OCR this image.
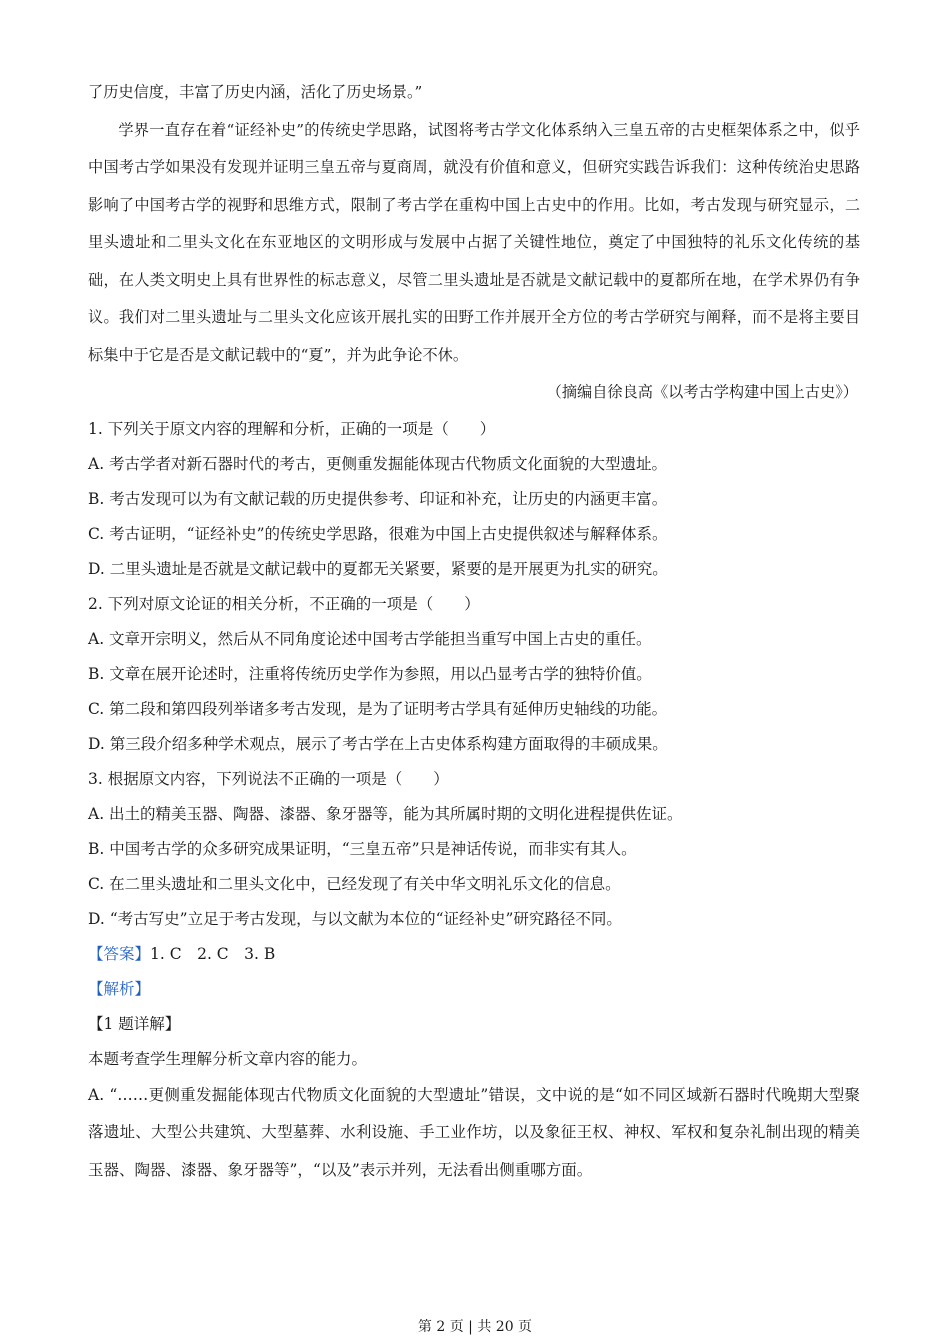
了历史信度，丰富了历史内涵，活化了历史场景。”

学界一直存在着“证经补史”的传统史学思路，试图将考古学文化体系纳入三皇五帝的古史框架体系之中，似乎中国考古学如果没有发现并证明三皇五帝与夏商周，就没有价值和意义，但研究实践告诉我们：这种传统治史思路影响了中国考古学的视野和思维方式，限制了考古学在重构中国上古史中的作用。比如，考古发现与研究显示，二里头遗址和二里头文化在东亚地区的文明形成与发展中占据了关键性地位，奠定了中国独特的礼乐文化传统的基础，在人类文明史上具有世界性的标志意义，尽管二里头遗址是否就是文献记载中的夏都所在地，在学术界仍有争议。我们对二里头遗址与二里头文化应该开展扎实的田野工作并展开全方位的考古学研究与阐释，而不是将主要目标集中于它是否是文献记载中的“夏”，并为此争论不休。

（摘编自徐良高《以考古学构建中国上古史》）

1. 下列关于原文内容的理解和分析，正确的一项是（　　）

A. 考古学者对新石器时代的考古，更侧重发掘能体现古代物质文化面貌的大型遗址。

B. 考古发现可以为有文献记载的历史提供参考、印证和补充，让历史的内涵更丰富。

C. 考古证明，“证经补史”的传统史学思路，很难为中国上古史提供叙述与解释体系。

D. 二里头遗址是否就是文献记载中的夏都无关紧要，紧要的是开展更为扎实的研究。

2. 下列对原文论证的相关分析，不正确的一项是（　　）

A. 文章开宗明义，然后从不同角度论述中国考古学能担当重写中国上古史的重任。

B. 文章在展开论述时，注重将传统历史学作为参照，用以凸显考古学的独特价值。

C. 第二段和第四段列举诸多考古发现，是为了证明考古学具有延伸历史轴线的功能。

D. 第三段介绍多种学术观点，展示了考古学在上古史体系构建方面取得的丰硕成果。

3. 根据原文内容，下列说法不正确的一项是（　　）

A. 出土的精美玉器、陶器、漆器、象牙器等，能为其所属时期的文明化进程提供佐证。

B. 中国考古学的众多研究成果证明，“三皇五帝”只是神话传说，而非实有其人。

C. 在二里头遗址和二里头文化中，已经发现了有关中华文明礼乐文化的信息。

D. “考古写史”立足于考古发现，与以文献为本位的“证经补史”研究路径不同。

【答案】1. C　2. C　3. B

【解析】

【1 题详解】

本题考查学生理解分析文章内容的能力。

A. “……更侧重发掘能体现古代物质文化面貌的大型遗址”错误，文中说的是“如不同区域新石器时代晚期大型聚落遗址、大型公共建筑、大型墓葬、水利设施、手工业作坊，以及象征王权、神权、军权和复杂礼制出现的精美玉器、陶器、漆器、象牙器等”，“以及”表示并列，无法看出侧重哪方面。

第 2 页 | 共 20 页
